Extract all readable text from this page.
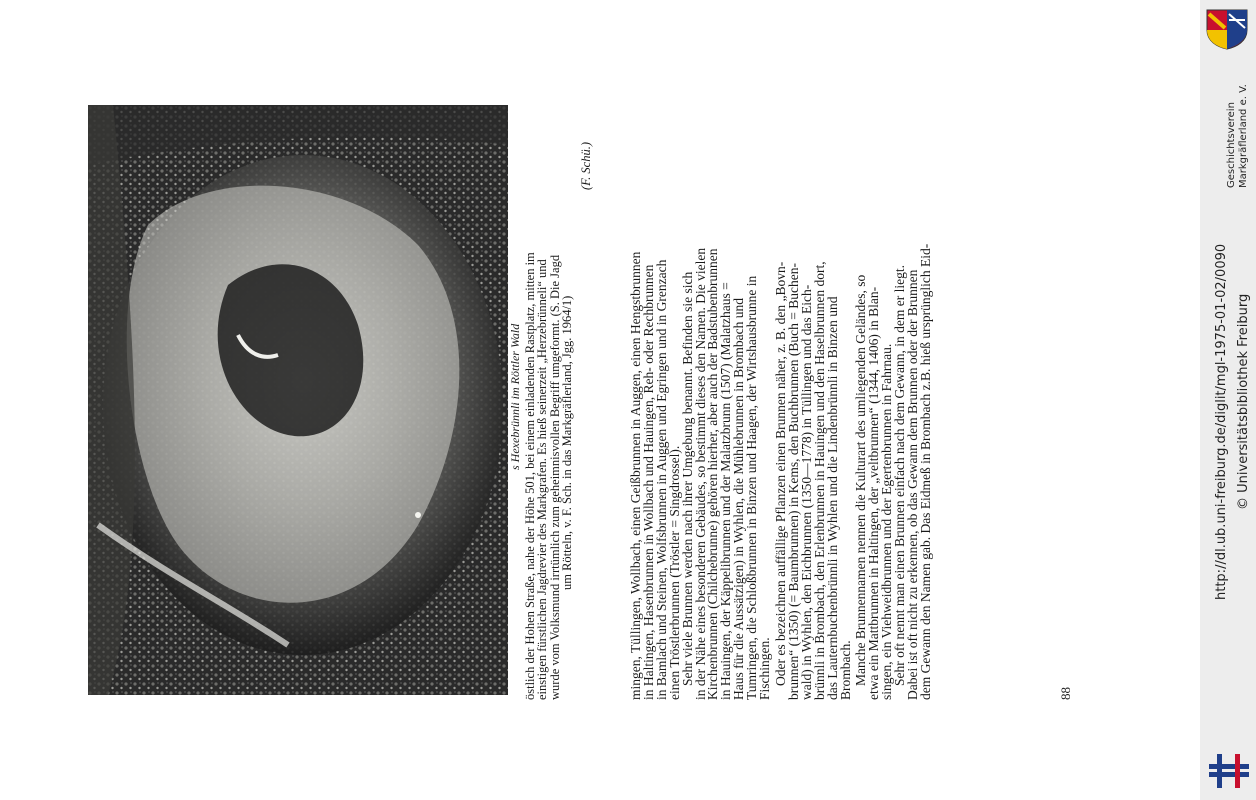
s Hexebrünnli im Röttler Wald östlich der Hohen Straße, nahe der Höhe 501, bei einem einladenden Rastplatz, mitten im
einstigen fürstlichen Jagdrevier des Markgrafen. Es hieß seinerzeit „Herzebrünneli“ und
wurde vom Volksmund irrtümlich zum geheimnisvollen Begriff umgeformt. (S. Die Jagd
um Rötteln, v. F. Sch. in das Markgräflerland, Jgg. 1964/1)
(F. Schü.)
mingen, Tüllingen, Wollbach, einen Geißbrunnen in Auggen, einen Hengstbrunnen
in Haltingen, Hasenbrunnen in Wollbach und Hauingen, Reh- oder Rechbrunnen
in Bamlach und Steinen, Wolfsbrunnen in Auggen und Egringen und in Grenzach
einen Tröstlerbrunnen (Tröstler = Singdrossel).
Sehr viele Brunnen werden nach ihrer Umgebung benannt. Befinden sie sich
in der Nähe eines besonderen Gebäudes, so bestimmt dieses den Namen. Die vielen
Kirchenbrunnen (Chilchebrunne) gehören hierher, aber auch der Badstubenbrunnen
in Hauingen, der Käppelibrunnen und der Malatzbrunn (1507) (Malatzhaus =
Haus für die Aussätzigen) in Wyhlen, die Mühlebrunnen in Brombach und
Tumringen, die Schloßbrunnen in Binzen und Haagen, der Wirtshausbrunne in
Fischingen. Oder es bezeichnen auffällige Pflanzen einen Brunnen näher, z. B. den „Bovn-
brunnen“ (1350) (= Baumbrunnen) in Kems, den Buchbrunnen (Buch = Buchen-
wald) in Wyhlen, den Eichbrunnen (1350—1778) in Tüllingen und das Eich-
brünnli in Brombach, den Erlenbrunnen in Hauingen und den Haselbrunnen dort,
das Lauternbuchenbrünnli in Wyhlen und die Lindenbrünnli in Binzen und
Brombach. Manche Brunnennamen nennen die Kulturart des umliegenden Geländes, so
etwa ein Mattbrunnen in Haltingen, der „veltbrunnen“ (1344, 1406) in Blan-
singen, ein Viehweidbrunnen und der Egertenbrunnen in Fahrnau.
Sehr oft nennt man einen Brunnen einfach nach dem Gewann, in dem er liegt.
Dabei ist oft nicht zu erkennen, ob das Gewann dem Brunnen oder der Brunnen
dem Gewann den Namen gab. Das Eidmeß in Brombach z.B. hieß ursprünglich Eid-	88
Geschichtsverein Markgräflerland e. V.
© Universitätsbibliothek Freiburg
http://dl.ub.uni-freiburg.de/diglit/mgl-1975-01-02/0090
